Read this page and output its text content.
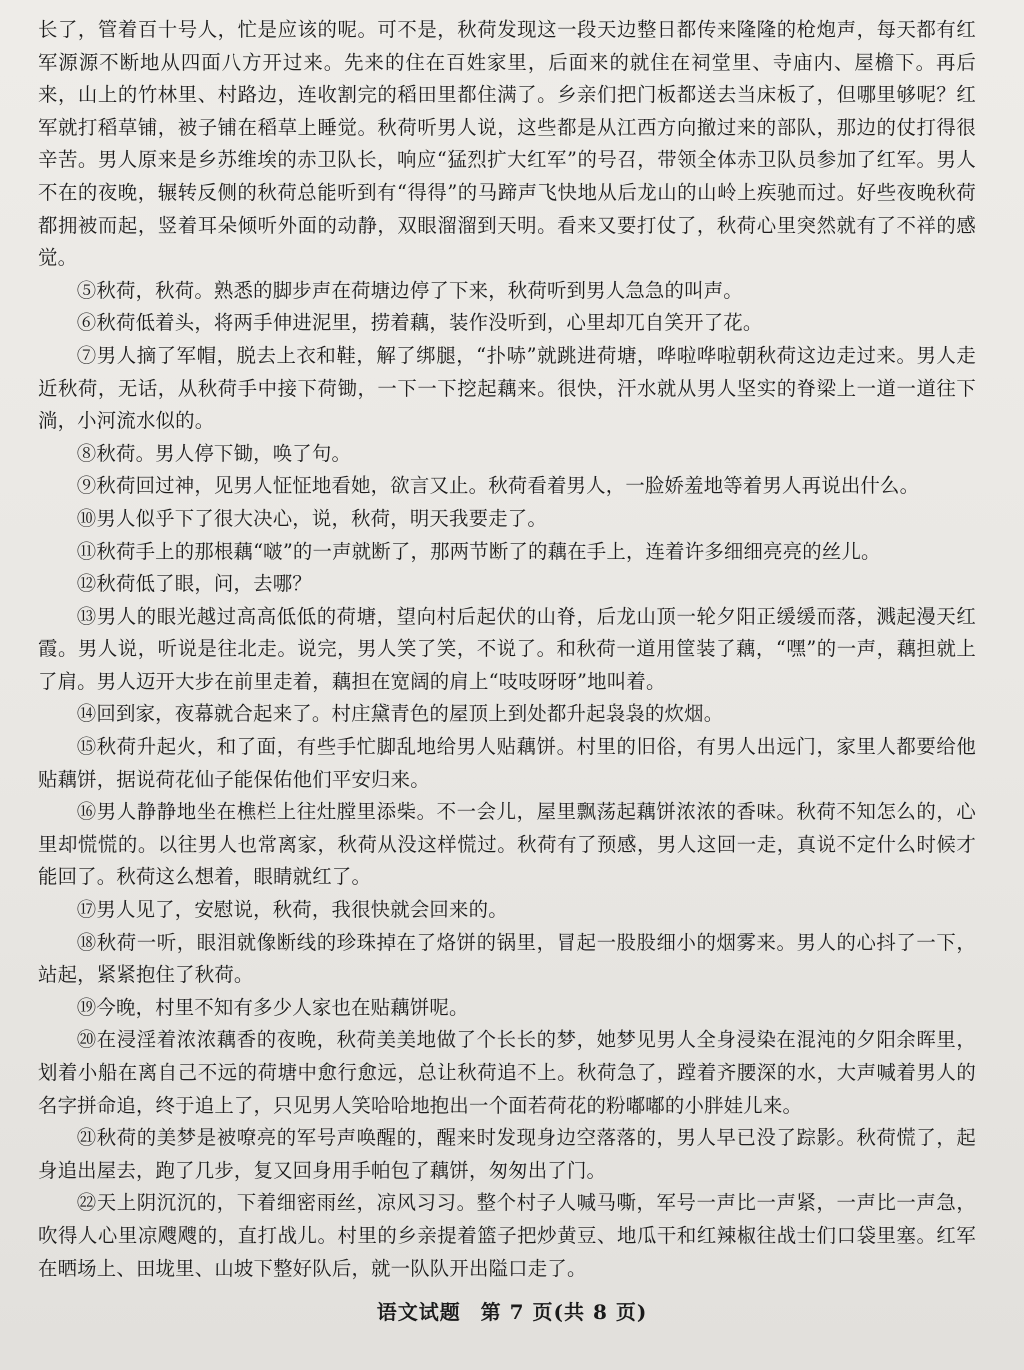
长了，管着百十号人，忙是应该的呢。可不是，秋荷发现这一段天边整日都传来隆隆的枪炮声，每天都有红军源源不断地从四面八方开过来。先来的住在百姓家里，后面来的就住在祠堂里、寺庙内、屋檐下。再后来，山上的竹林里、村路边，连收割完的稻田里都住满了。乡亲们把门板都送去当床板了，但哪里够呢？红军就打稻草铺，被子铺在稻草上睡觉。秋荷听男人说，这些都是从江西方向撤过来的部队，那边的仗打得很辛苦。男人原来是乡苏维埃的赤卫队长，响应“猛烈扩大红军”的号召，带领全体赤卫队员参加了红军。男人不在的夜晚，辗转反侧的秋荷总能听到有“得得”的马蹄声飞快地从后龙山的山岭上疾驰而过。好些夜晚秋荷都拥被而起，竖着耳朵倾听外面的动静，双眼溜溜到天明。看来又要打仗了，秋荷心里突然就有了不祥的感觉。

⑤秋荷，秋荷。熟悉的脚步声在荷塘边停了下来，秋荷听到男人急急的叫声。

⑥秋荷低着头，将两手伸进泥里，捞着藕，装作没听到，心里却兀自笑开了花。

⑦男人摘了军帽，脱去上衣和鞋，解了绑腿，“扑哧”就跳进荷塘，哗啦哗啦朝秋荷这边走过来。男人走近秋荷，无话，从秋荷手中接下荷锄，一下一下挖起藕来。很快，汗水就从男人坚实的脊梁上一道一道往下淌，小河流水似的。

⑧秋荷。男人停下锄，唤了句。

⑨秋荷回过神，见男人怔怔地看她，欲言又止。秋荷看着男人，一脸娇羞地等着男人再说出什么。

⑩男人似乎下了很大决心，说，秋荷，明天我要走了。

⑪秋荷手上的那根藕“啵”的一声就断了，那两节断了的藕在手上，连着许多细细亮亮的丝儿。

⑫秋荷低了眼，问，去哪？

⑬男人的眼光越过高高低低的荷塘，望向村后起伏的山脊，后龙山顶一轮夕阳正缓缓而落，溅起漫天红霞。男人说，听说是往北走。说完，男人笑了笑，不说了。和秋荷一道用筐装了藕，“嘿”的一声，藕担就上了肩。男人迈开大步在前里走着，藕担在宽阔的肩上“吱吱呀呀”地叫着。

⑭回到家，夜幕就合起来了。村庄黛青色的屋顶上到处都升起袅袅的炊烟。

⑮秋荷升起火，和了面，有些手忙脚乱地给男人贴藕饼。村里的旧俗，有男人出远门，家里人都要给他贴藕饼，据说荷花仙子能保佑他们平安归来。

⑯男人静静地坐在樵栏上往灶膛里添柴。不一会儿，屋里飘荡起藕饼浓浓的香味。秋荷不知怎么的，心里却慌慌的。以往男人也常离家，秋荷从没这样慌过。秋荷有了预感，男人这回一走，真说不定什么时候才能回了。秋荷这么想着，眼睛就红了。

⑰男人见了，安慰说，秋荷，我很快就会回来的。

⑱秋荷一听，眼泪就像断线的珍珠掉在了烙饼的锅里，冒起一股股细小的烟雾来。男人的心抖了一下，站起，紧紧抱住了秋荷。

⑲今晚，村里不知有多少人家也在贴藕饼呢。

⑳在浸淫着浓浓藕香的夜晚，秋荷美美地做了个长长的梦，她梦见男人全身浸染在混沌的夕阳余晖里，划着小船在离自己不远的荷塘中愈行愈远，总让秋荷追不上。秋荷急了，蹚着齐腰深的水，大声喊着男人的名字拼命追，终于追上了，只见男人笑哈哈地抱出一个面若荷花的粉嘟嘟的小胖娃儿来。

㉑秋荷的美梦是被嘹亮的军号声唤醒的，醒来时发现身边空落落的，男人早已没了踪影。秋荷慌了，起身追出屋去，跑了几步，复又回身用手帕包了藕饼，匆匆出了门。

㉒天上阴沉沉的，下着细密雨丝，凉风习习。整个村子人喊马嘶，军号一声比一声紧，一声比一声急，吹得人心里凉飕飕的，直打战儿。村里的乡亲提着篮子把炒黄豆、地瓜干和红辣椒往战士们口袋里塞。红军在晒场上、田垅里、山坡下整好队后，就一队队开出隘口走了。

语文试题 第 7 页(共 8 页)
